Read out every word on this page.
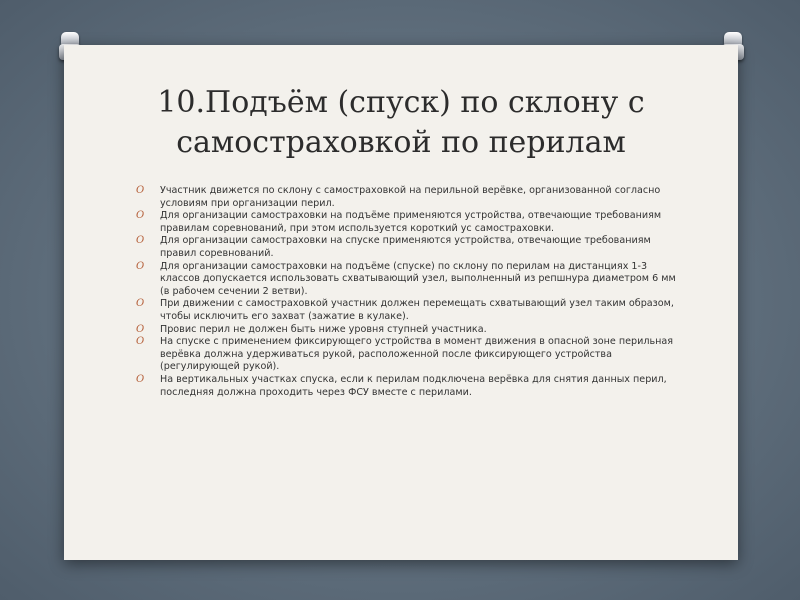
10.Подъём (спуск) по склону с
самостраховкой по перилам
О Участник движется по склону с самостраховкой на перильной верёвке, организованной согласно условиям при организации перил.
О Для организации самостраховки на подъёме применяются устройства, отвечающие требованиям правилам соревнований, при этом используется короткий ус самостраховки.
О Для организации самостраховки на спуске применяются устройства, отвечающие требованиям правил соревнований.
О Для организации самостраховки на подъёме (спуске) по склону по перилам на дистанциях 1-3 классов допускается использовать схватывающий узел, выполненный из репшнура диаметром 6 мм (в рабочем сечении 2 ветви).
О При движении с самостраховкой участник должен перемещать схватывающий узел таким образом, чтобы исключить его захват (зажатие в кулаке).
О Провис перил не должен быть ниже уровня ступней участника.
О На спуске с применением фиксирующего устройства в момент движения в опасной зоне перильная верёвка должна удерживаться рукой, расположенной после фиксирующего устройства (регулирующей рукой).
О На вертикальных участках спуска, если к перилам подключена верёвка для снятия данных перил, последняя должна проходить через ФСУ вместе с перилами.
